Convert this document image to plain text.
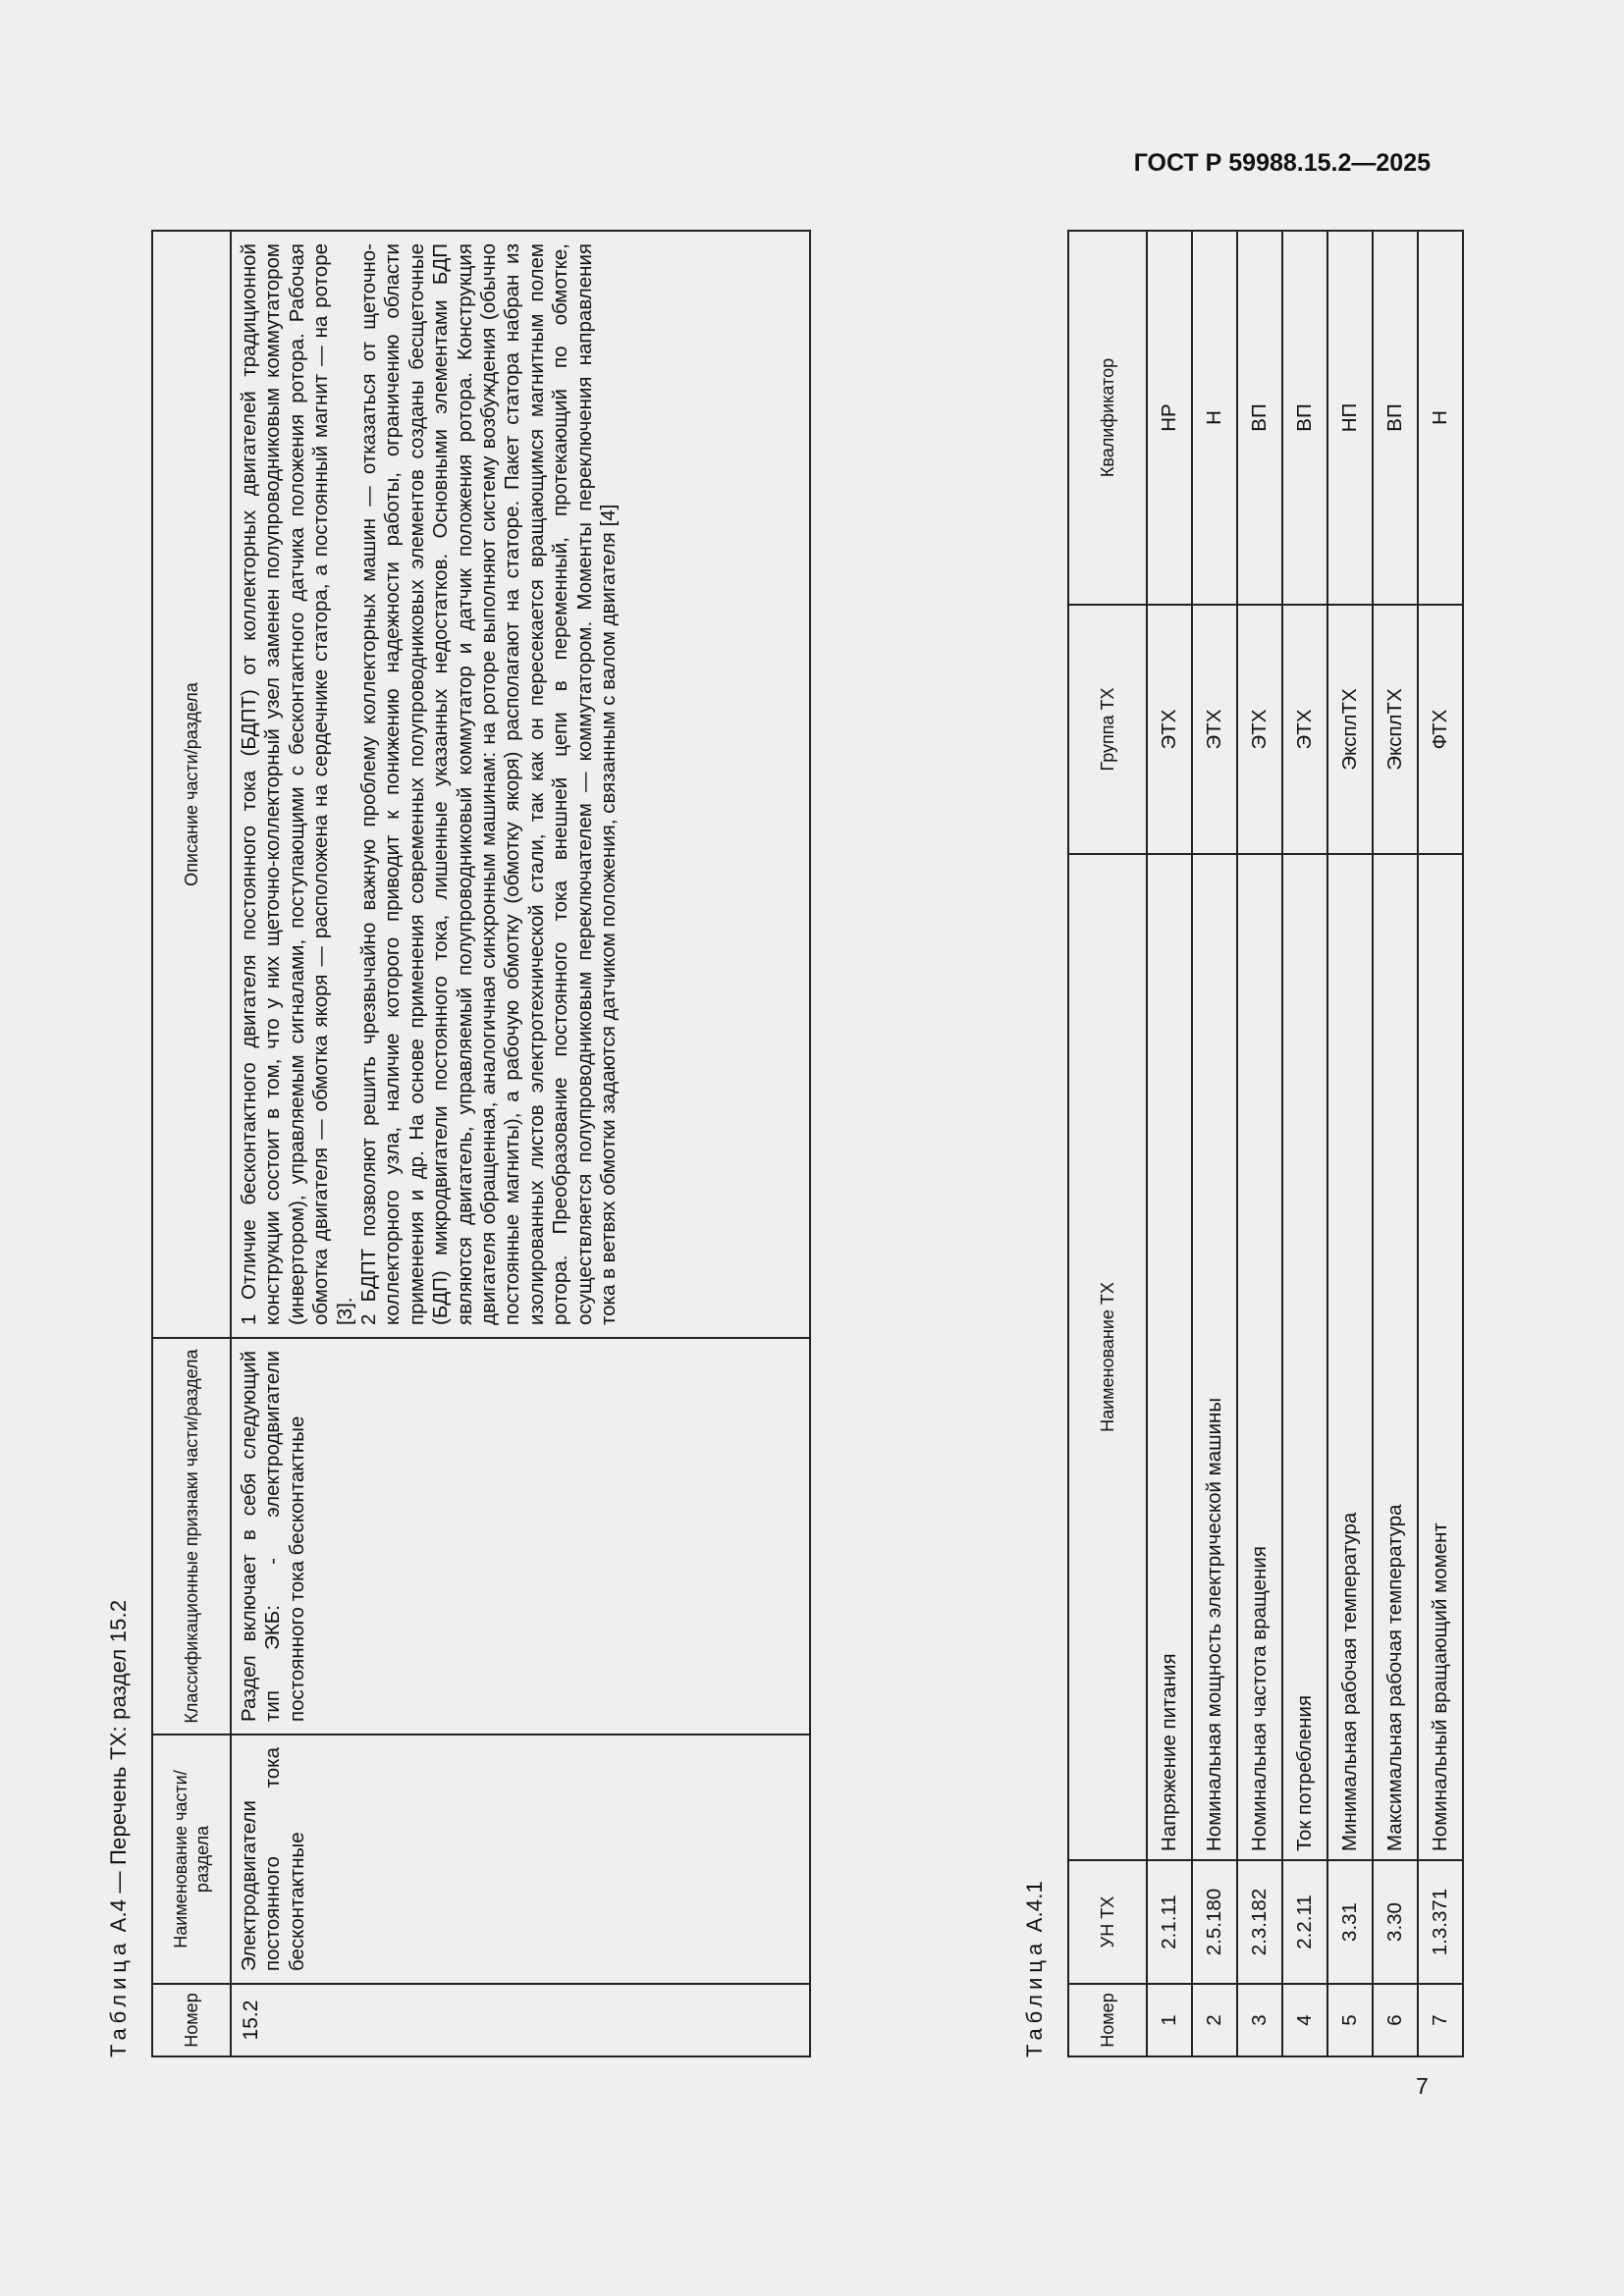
ГОСТ Р 59988.15.2—2025
Таблица А.4 — Перечень ТХ: раздел 15.2
Номер	Наименование части/ раздела	Классификационные признаки части/раздела	Описание части/раздела
15.2	Электродвигатели постоянного тока бесконтактные	Раздел включает в себя следующий тип ЭКБ: - электродвигатели постоянного тока бесконтактные	1 Отличие бесконтактного двигателя постоянного тока (БДПТ) от коллекторных двигателей традиционной конструкции состоит в том, что у них щеточно-коллекторный узел заменен полупроводниковым коммутатором (инвертором), управляемым сигналами, поступающими с бесконтактного датчика положения ротора. Рабочая обмотка двигателя — обмотка якоря — расположена на сердечнике статора, а постоянный магнит — на роторе [3]. 2 БДПТ позволяют решить чрезвычайно важную проблему коллекторных машин — отказаться от щеточно-коллекторного узла, наличие которого приводит к понижению надежности работы, ограничению области применения и др. На основе применения современных полупроводниковых элементов созданы бесщеточные (БДП) микродвигатели постоянного тока, лишенные указанных недостатков. Основными элементами БДП являются двигатель, управляемый полупроводниковый коммутатор и датчик положения ротора. Конструкция двигателя обращенная, аналогичная синхронным машинам: на роторе выполняют систему возбуждения (обычно постоянные магниты), а рабочую обмотку (обмотку якоря) располагают на статоре. Пакет статора набран из изолированных листов электротехнической стали, так как он пересекается вращающимся магнитным полем ротора. Преобразование постоянного тока внешней цепи в переменный, протекающий по обмотке, осуществляется полупроводниковым переключателем — коммутатором. Моменты переключения направления тока в ветвях обмотки задаются датчиком положения, связанным с валом двигателя [4]

Таблица А.4.1
Номер	УН ТХ	Наименование ТХ	Группа ТХ	Квалификатор
1	2.1.11	Напряжение питания	ЭТХ	НР
2	2.5.180	Номинальная мощность электрической машины	ЭТХ	Н
3	2.3.182	Номинальная частота вращения	ЭТХ	ВП
4	2.2.11	Ток потребления	ЭТХ	ВП
5	3.31	Минимальная рабочая температура	ЭксплТХ	НП
6	3.30	Максимальная рабочая температура	ЭксплТХ	ВП
7	1.3.371	Номинальный вращающий момент	ФТХ	Н
7
